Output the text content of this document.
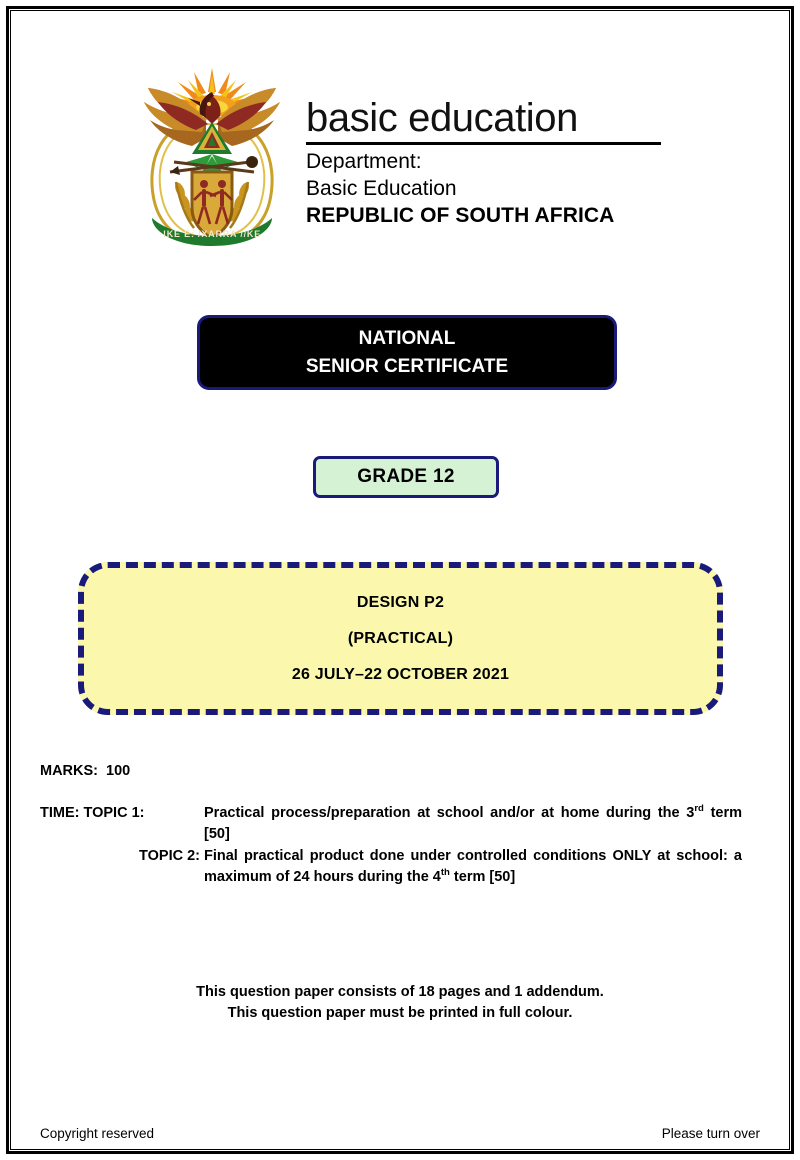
!KE E: /XARRA //KE
basic education
Department:
Basic Education
REPUBLIC OF SOUTH AFRICA
NATIONAL
SENIOR CERTIFICATE
GRADE 12
DESIGN P2
(PRACTICAL)
26 JULY–22 OCTOBER 2021
MARKS:  100
TIME: TOPIC 1:	Practical process/preparation at school and/or at home during the 3rd term [50]
TOPIC 2: Final practical product done under controlled conditions ONLY at school: a maximum of 24 hours during the 4th term [50]
This question paper consists of 18 pages and 1 addendum.
This question paper must be printed in full colour.
Copyright reserved	Please turn over
